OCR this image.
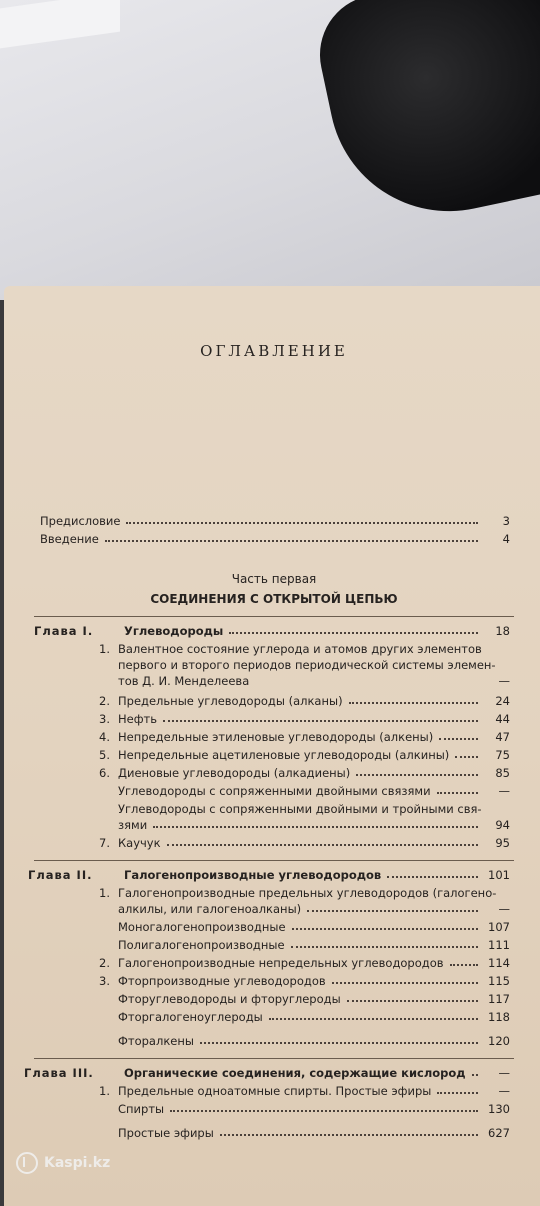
ОГЛАВЛЕНИЕ
Предисловие	3
Введение	4
Часть первая
СОЕДИНЕНИЯ С ОТКРЫТОЙ ЦЕПЬЮ
Глава I.	Углеводороды	18
1. Валентное состояние углерода и атомов других элементов
первого и второго периодов периодической системы элемен-
тов Д. И. Менделеева	—
2. Предельные углеводороды (алканы)	24
3. Нефть	44
4. Непредельные этиленовые углеводороды (алкены)	47
5. Непредельные ацетиленовые углеводороды (алкины)	75
6. Диеновые углеводороды (алкадиены)	85
Углеводороды с сопряженными двойными связями	—
Углеводороды с сопряженными двойными и тройными свя-
зями	94
7. Каучук	95
Глава II.	Галогенопроизводные углеводородов	101
1. Галогенопроизводные предельных углеводородов (галогено-
алкилы, или галогеноалканы)	—
Моногалогенопроизводные	107
Полигалогенопроизводные	111
2. Галогенопроизводные непредельных углеводородов	114
3. Фторпроизводные углеводородов	115
Фторуглеводороды и фторуглероды	117
Фторгалогеноуглероды	118
Фторалкены	120
Глава III.	Органические соединения, содержащие кислород	—
1. Предельные одноатомные спирты. Простые эфиры	—
Спирты	130
Простые эфиры	627
Kaspi.kz
